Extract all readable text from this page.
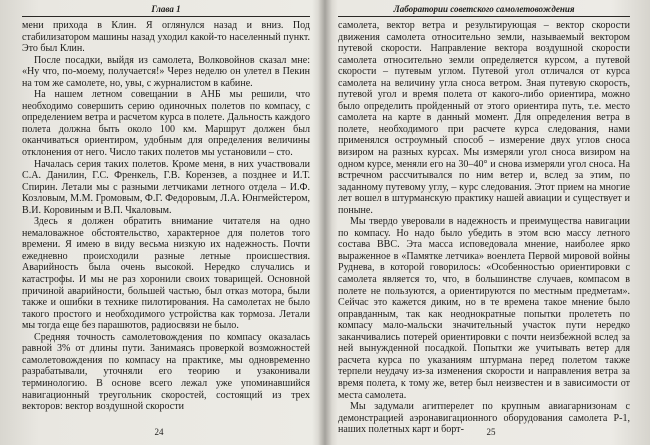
Глава 1

мени прихода в Клин. Я оглянулся назад и вниз. Под стабилизатором машины назад уходил какой-то населенный пункт. Это был Клин.

После посадки, выйдя из самолета, Волковойнов сказал мне: «Ну что, по-моему, получается!» Через неделю он улетел в Пекин на том же самолете, но, увы, с журналистом в кабине.

На нашем летном совещании в АНБ мы решили, что необходимо совершить серию одиночных полетов по компасу, с определением ветра и расчетом курса в полете. Дальность каждого полета должна быть около 100 км. Маршрут должен был оканчиваться ориентиром, удобным для определения величины отклонения от него. Число таких полетов мы установили – сто.

Началась серия таких полетов. Кроме меня, в них участвовали С.А. Данилин, Г.С. Френкель, Г.В. Корензев, а позднее и И.Т. Спирин. Летали мы с разными летчиками летного отдела – И.Ф. Козловым, М.М. Громовым, Ф.Г. Федоровым, Л.А. Юнгмейстером, В.И. Коровиным и В.П. Чкаловым.

Здесь я должен обратить внимание читателя на одно немаловажное обстоятельство, характерное для полетов того времени. Я имею в виду весьма низкую их надежность. Почти ежедневно происходили разные летные происшествия. Аварийность была очень высокой. Нередко случались и катастрофы. И мы не раз хоронили своих товарищей. Основной причиной аварийности, большей частью, был отказ мотора, были также и ошибки в технике пилотирования. На самолетах не было такого простого и необходимого устройства как тормоза. Летали мы тогда еще без парашютов, радиосвязи не было.

Средняя точность самолетовождения по компасу оказалась равной 3% от длины пути. Занимаясь проверкой возможностей самолетовождения по компасу на практике, мы одновременно разрабатывали, уточняли его теорию и узаконивали терминологию. В основе всего лежал уже упоминавшийся навигационный треугольник скоростей, состоящий из трех векторов: вектор воздушной скорости

24
Лаборатории советского самолетовождения

самолета, вектор ветра и результирующая – вектор скорости движения самолета относительно земли, называемый вектором путевой скорости. Направление вектора воздушной скорости самолета относительно земли определяется курсом, а путевой скорости – путевым углом. Путевой угол отличался от курса самолета на величину угла сноса ветром. Зная путевую скорость, путевой угол и время полета от какого-либо ориентира, можно было определить пройденный от этого ориентира путь, т.е. место самолета на карте в данный момент. Для определения ветра в полете, необходимого при расчете курса следования, нами применялся остроумный способ – измерение двух углов сноса визиром на разных курсах. Мы измеряли угол сноса визиром на одном курсе, меняли его на 30–40° и снова измеряли угол сноса. На встречном рассчитывался по ним ветер и, вслед за этим, по заданному путевому углу, – курс следования. Этот прием на многие лет вошел в штурманскую практику нашей авиации и существует и поныне.

Мы твердо уверовали в надежность и преимущества навигации по компасу. Но надо было убедить в этом всю массу летного состава ВВС. Эта масса исповедовала мнение, наиболее ярко выраженное в «Памятке летчика» военлета Первой мировой войны Руднева, в которой говорилось: «Особенностью ориентировки с самолета является то, что, в большинстве случаев, компасом в полете не пользуются, а ориентируются по местным предметам». Сейчас это кажется диким, но в те времена такое мнение было оправданным, так как неоднократные попытки пролететь по компасу мало-мальски значительный участок пути нередко заканчивались потерей ориентировки с почти неизбежной вслед за ней вынужденной посадкой. Попытки же учитывать ветер для расчета курса по указаниям штурмана перед полетом также терпели неудачу из-за изменения скорости и направления ветра за время полета, к тому же, ветер был неизвестен и в зависимости от места самолета.

Мы задумали агитперелет по крупным авиагарнизонам с демонстрацией аэронавигационного оборудования самолета Р-1, наших полетных карт и борт-	25
